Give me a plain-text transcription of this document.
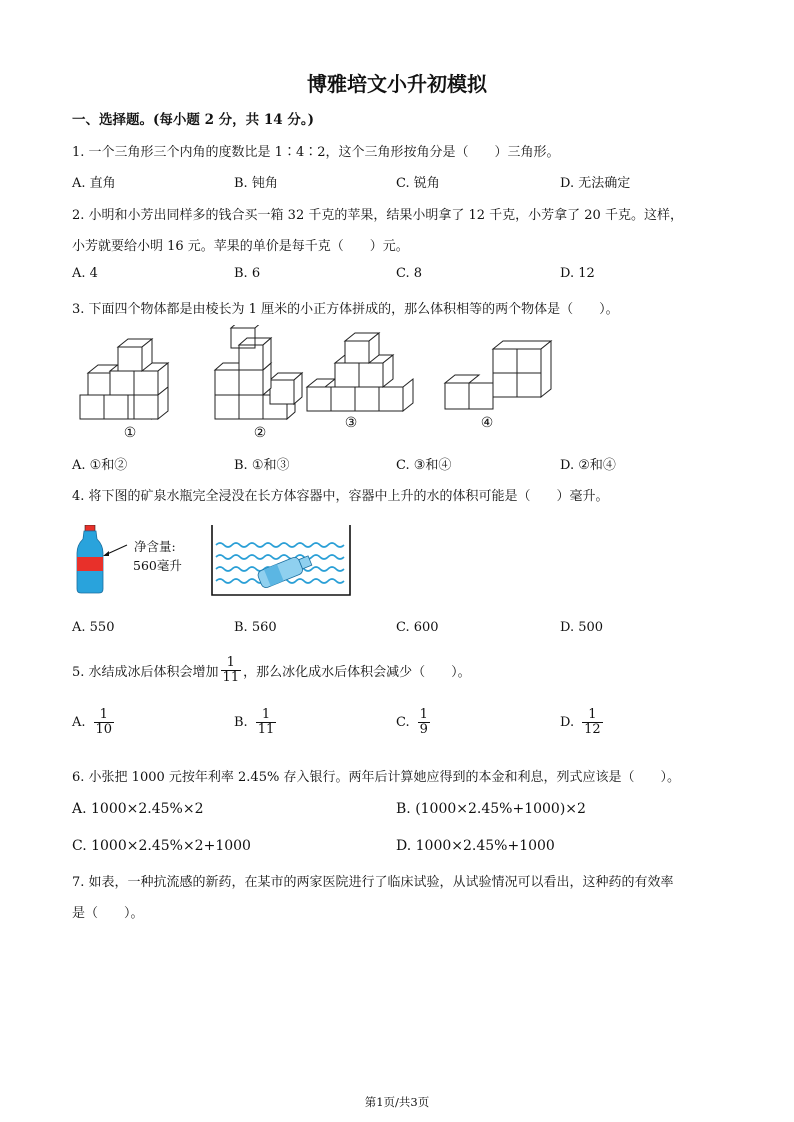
博雅培文小升初模拟
一、选择题。(每小题 2 分，共 14 分。)
1. 一个三角形三个内角的度数比是 1∶4∶2，这个三角形按角分是（　　）三角形。
A. 直角	B. 钝角	C. 锐角	D. 无法确定
2. 小明和小芳出同样多的钱合买一箱 32 千克的苹果，结果小明拿了 12 千克，小芳拿了 20 千克。这样，
小芳就要给小明 16 元。苹果的单价是每千克（　　）元。
A. 4	B. 6	C. 8	D. 12
3. 下面四个物体都是由棱长为 1 厘米的小正方体拼成的，那么体积相等的两个物体是（　　）。
①	②
③	④
A. ①和②	B. ①和③	C. ③和④	D. ②和④
4. 将下图的矿泉水瓶完全浸没在长方体容器中，容器中上升的水的体积可能是（　　）毫升。
净含量:
560毫升
A. 550	B. 560	C. 600	D. 500
5. 水结成冰后体积会增加 $\frac{1}{11}$ ，那么冰化成水后体积会减少（　　）。
A. $\frac{1}{10}$	B. $\frac{1}{11}$	C. $\frac{1}{9}$	D. $\frac{1}{12}$
6. 小张把 1000 元按年利率 2.45% 存入银行。两年后计算她应得到的本金和利息，列式应该是（　　）。
A. 1000×2.45%×2	B. (1000×2.45%+1000)×2
C. 1000×2.45%×2+1000	D. 1000×2.45%+1000
7. 如表，一种抗流感的新药，在某市的两家医院进行了临床试验，从试验情况可以看出，这种药的有效率
是（　　）。
第1页/共3页
